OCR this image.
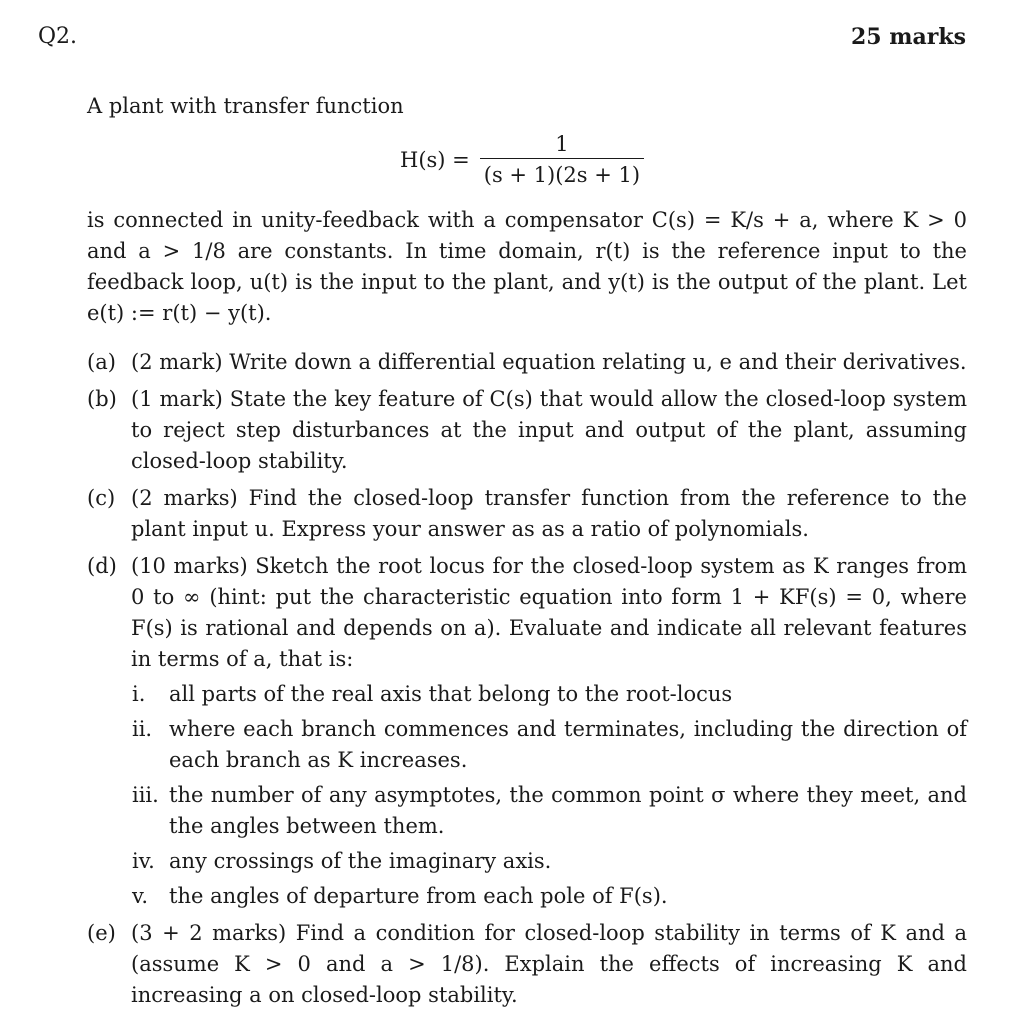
Q2.	25 marks
A plant with transfer function
$H(s) = \frac{1}{(s + 1)(2s + 1)}$
is connected in unity-feedback with a compensator C(s) = K/s + a, where K > 0 and a > 1/8 are constants. In time domain, r(t) is the reference input to the feedback loop, u(t) is the input to the plant, and y(t) is the output of the plant. Let e(t) := r(t) − y(t).
(a) (2 mark) Write down a differential equation relating u, e and their derivatives.
(b) (1 mark) State the key feature of C(s) that would allow the closed-loop system to reject step disturbances at the input and output of the plant, assuming closed-loop stability.
(c) (2 marks) Find the closed-loop transfer function from the reference to the plant input u. Express your answer as as a ratio of polynomials.
(d) (10 marks) Sketch the root locus for the closed-loop system as K ranges from 0 to ∞ (hint: put the characteristic equation into form 1 + KF(s) = 0, where F(s) is rational and depends on a). Evaluate and indicate all relevant features in terms of a, that is:
i.	all parts of the real axis that belong to the root-locus
ii. where each branch commences and terminates, including the direction of each branch as K increases.
iii. the number of any asymptotes, the common point σ where they meet, and the angles between them.
iv. any crossings of the imaginary axis.
v. the angles of departure from each pole of F(s).
(e) (3 + 2 marks) Find a condition for closed-loop stability in terms of K and a (assume K > 0 and a > 1/8). Explain the effects of increasing K and increasing a on closed-loop stability.
